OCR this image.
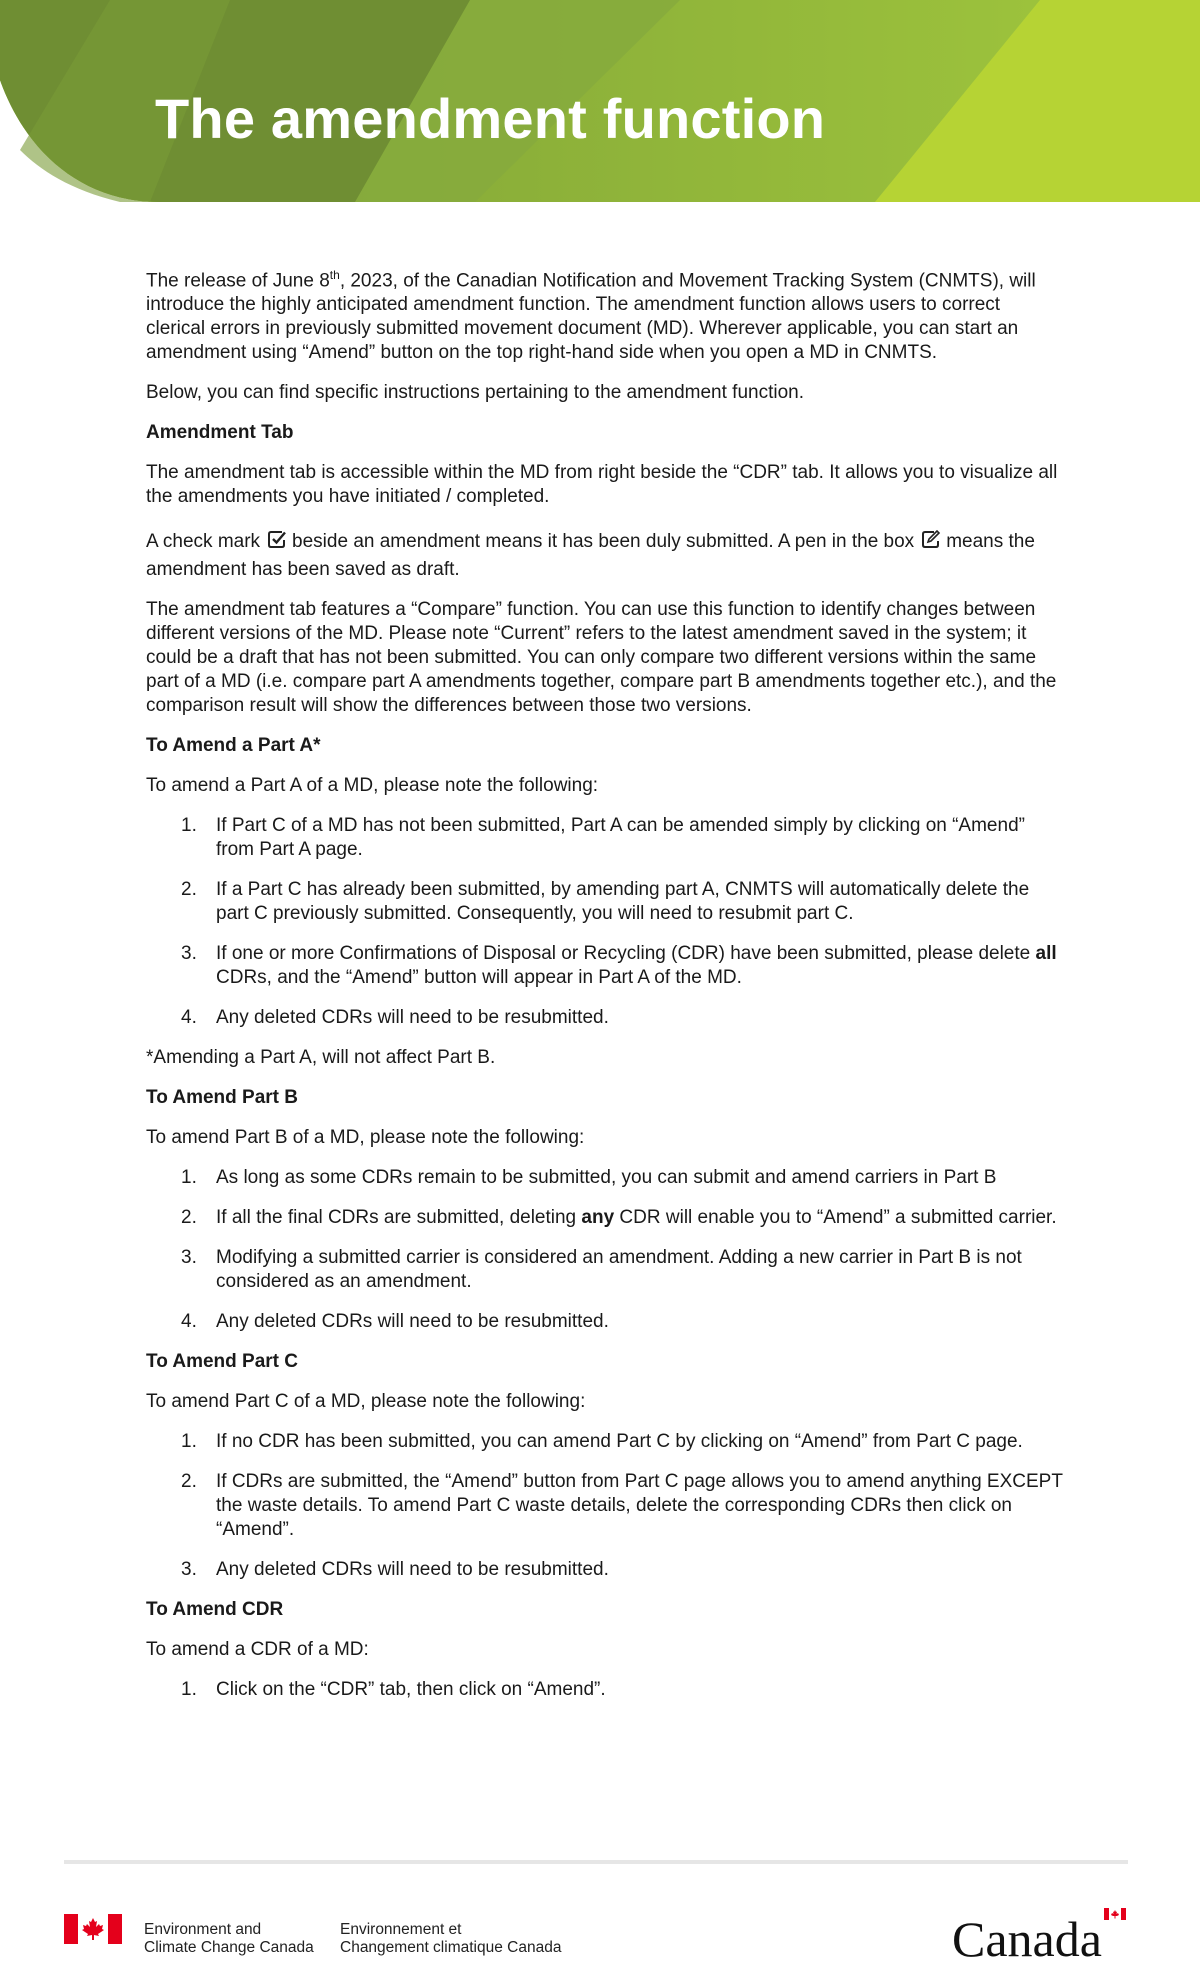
The amendment function

The release of June 8th, 2023, of the Canadian Notification and Movement Tracking System (CNMTS), will introduce the highly anticipated amendment function. The amendment function allows users to correct clerical errors in previously submitted movement document (MD). Wherever applicable, you can start an amendment using “Amend” button on the top right-hand side when you open a MD in CNMTS.

Below, you can find specific instructions pertaining to the amendment function.

Amendment Tab

The amendment tab is accessible within the MD from right beside the “CDR” tab. It allows you to visualize all the amendments you have initiated / completed.

A check mark beside an amendment means it has been duly submitted. A pen in the box means the amendment has been saved as draft.

The amendment tab features a “Compare” function. You can use this function to identify changes between different versions of the MD. Please note “Current” refers to the latest amendment saved in the system; it could be a draft that has not been submitted. You can only compare two different versions within the same part of a MD (i.e. compare part A amendments together, compare part B amendments together etc.), and the comparison result will show the differences between those two versions.

To Amend a Part A*

To amend a Part A of a MD, please note the following:

1. If Part C of a MD has not been submitted, Part A can be amended simply by clicking on “Amend” from Part A page.
2. If a Part C has already been submitted, by amending part A, CNMTS will automatically delete the part C previously submitted. Consequently, you will need to resubmit part C.
3. If one or more Confirmations of Disposal or Recycling (CDR) have been submitted, please delete all CDRs, and the “Amend” button will appear in Part A of the MD.
4. Any deleted CDRs will need to be resubmitted.

*Amending a Part A, will not affect Part B.

To Amend Part B

To amend Part B of a MD, please note the following:

1. As long as some CDRs remain to be submitted, you can submit and amend carriers in Part B
2. If all the final CDRs are submitted, deleting any CDR will enable you to “Amend” a submitted carrier.
3. Modifying a submitted carrier is considered an amendment. Adding a new carrier in Part B is not considered as an amendment.
4. Any deleted CDRs will need to be resubmitted.
To Amend Part C

To amend Part C of a MD, please note the following:

1. If no CDR has been submitted, you can amend Part C by clicking on “Amend” from Part C page.
2. If CDRs are submitted, the “Amend” button from Part C page allows you to amend anything EXCEPT the waste details. To amend Part C waste details, delete the corresponding CDRs then click on “Amend”.
3. Any deleted CDRs will need to be resubmitted.
To Amend CDR

To amend a CDR of a MD:

1. Click on the “CDR” tab, then click on “Amend”.
Environment and
Climate Change Canada
Environnement et
Changement climatique Canada	Canada
